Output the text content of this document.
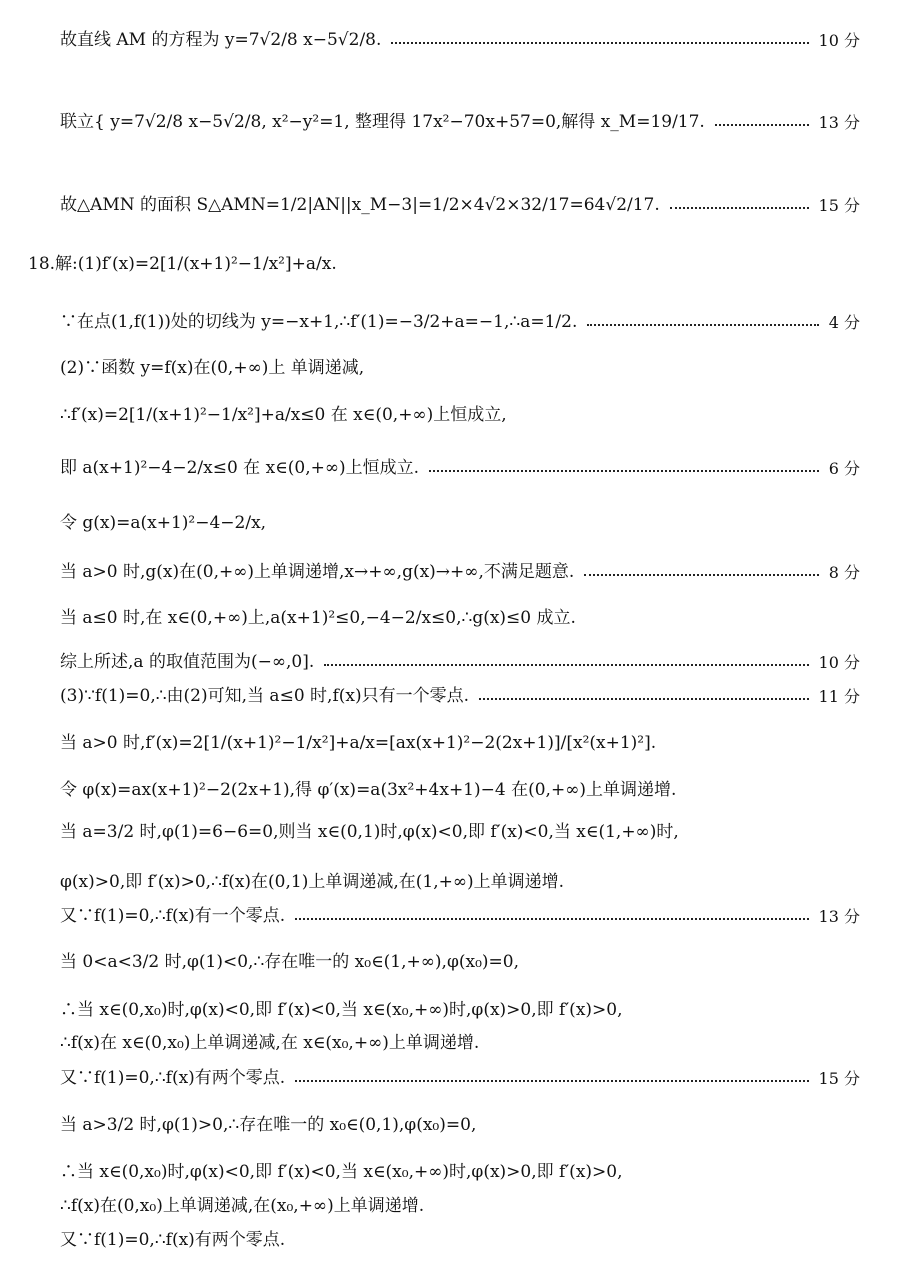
故直线 AM 的方程为 y=7√2/8 x−5√2/8.	10 分
联立{ y=7√2/8 x−5√2/8, x²−y²=1, 整理得 17x²−70x+57=0,解得 x_M=19/17.	13 分
故△AMN 的面积 S△AMN=1/2|AN||x_M−3|=1/2×4√2×32/17=64√2/17.	15 分
18.解:(1)f′(x)=2[1/(x+1)²−1/x²]+a/x.
∵在点(1,f(1))处的切线为 y=−x+1,∴f′(1)=−3/2+a=−1,∴a=1/2.	4 分
(2)∵函数 y=f(x)在(0,+∞)上 单调递减,
∴f′(x)=2[1/(x+1)²−1/x²]+a/x≤0 在 x∈(0,+∞)上恒成立,
即 a(x+1)²−4−2/x≤0 在 x∈(0,+∞)上恒成立.	6 分
令 g(x)=a(x+1)²−4−2/x,
当 a>0 时,g(x)在(0,+∞)上单调递增,x→+∞,g(x)→+∞,不满足题意.	8 分
当 a≤0 时,在 x∈(0,+∞)上,a(x+1)²≤0,−4−2/x≤0,∴g(x)≤0 成立.
综上所述,a 的取值范围为(−∞,0].	10 分
(3)∵f(1)=0,∴由(2)可知,当 a≤0 时,f(x)只有一个零点.	11 分
当 a>0 时,f′(x)=2[1/(x+1)²−1/x²]+a/x=[ax(x+1)²−2(2x+1)]/[x²(x+1)²].
令 φ(x)=ax(x+1)²−2(2x+1),得 φ′(x)=a(3x²+4x+1)−4 在(0,+∞)上单调递增.
当 a=3/2 时,φ(1)=6−6=0,则当 x∈(0,1)时,φ(x)<0,即 f′(x)<0,当 x∈(1,+∞)时,
φ(x)>0,即 f′(x)>0,∴f(x)在(0,1)上单调递减,在(1,+∞)上单调递增.
又∵f(1)=0,∴f(x)有一个零点.	13 分
当 0<a<3/2 时,φ(1)<0,∴存在唯一的 x₀∈(1,+∞),φ(x₀)=0,
∴当 x∈(0,x₀)时,φ(x)<0,即 f′(x)<0,当 x∈(x₀,+∞)时,φ(x)>0,即 f′(x)>0,
∴f(x)在 x∈(0,x₀)上单调递减,在 x∈(x₀,+∞)上单调递增.
又∵f(1)=0,∴f(x)有两个零点.	15 分
当 a>3/2 时,φ(1)>0,∴存在唯一的 x₀∈(0,1),φ(x₀)=0,
∴当 x∈(0,x₀)时,φ(x)<0,即 f′(x)<0,当 x∈(x₀,+∞)时,φ(x)>0,即 f′(x)>0,
∴f(x)在(0,x₀)上单调递减,在(x₀,+∞)上单调递增.
又∵f(1)=0,∴f(x)有两个零点.
